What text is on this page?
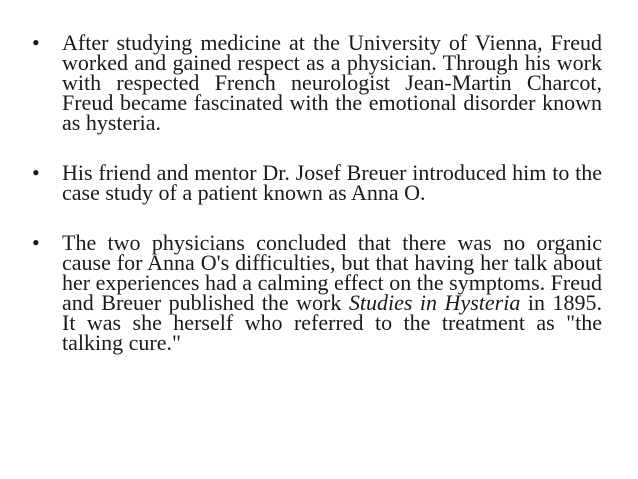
•	After studying medicine at the University of Vienna, Freud worked and gained respect as a physician. Through his work with respected French neurologist Jean-Martin Charcot, Freud became fascinated with the emotional disorder known as hysteria.
•	His friend and mentor Dr. Josef Breuer introduced him to the case study of a patient known as Anna O.
•	The two physicians concluded that there was no organic cause for Anna O's difficulties, but that having her talk about her experiences had a calming effect on the symptoms. Freud and Breuer published the work Studies in Hysteria in 1895. It was she herself who referred to the treatment as "the talking cure."
